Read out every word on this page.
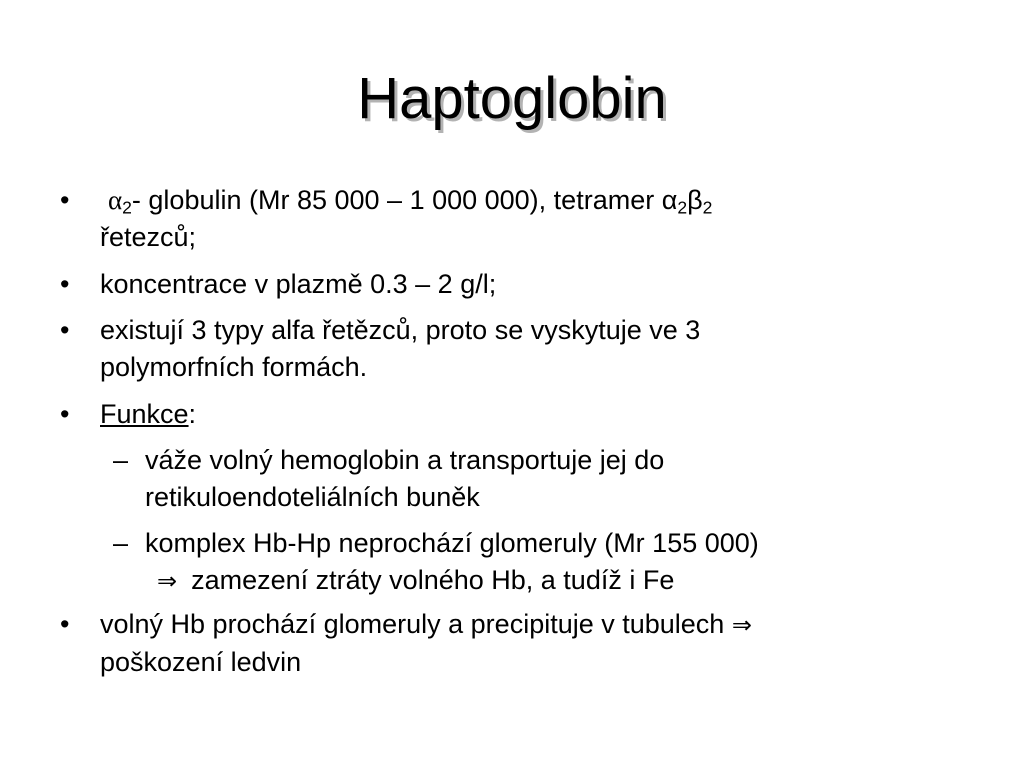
Haptoglobin
• $\alpha_2-$ globulin (Mr 85 000 – 1 000 000), tetramer $\alpha_2\beta_2$
řetezců;
• koncentrace v plazmě 0.3 – 2 g/l;
• existují 3 typy alfa řetězců, proto se vyskytuje ve 3
polymorfních formách.
• Funkce:
– váže volný hemoglobin a transportuje jej do
retikuloendoteliálních buněk
– komplex Hb-Hp neprochází glomeruly (Mr 155 000)
⇒ zamezení ztráty volného Hb, a tudíž i Fe
• volný Hb prochází glomeruly a precipituje v tubulech ⇒
poškození ledvin
